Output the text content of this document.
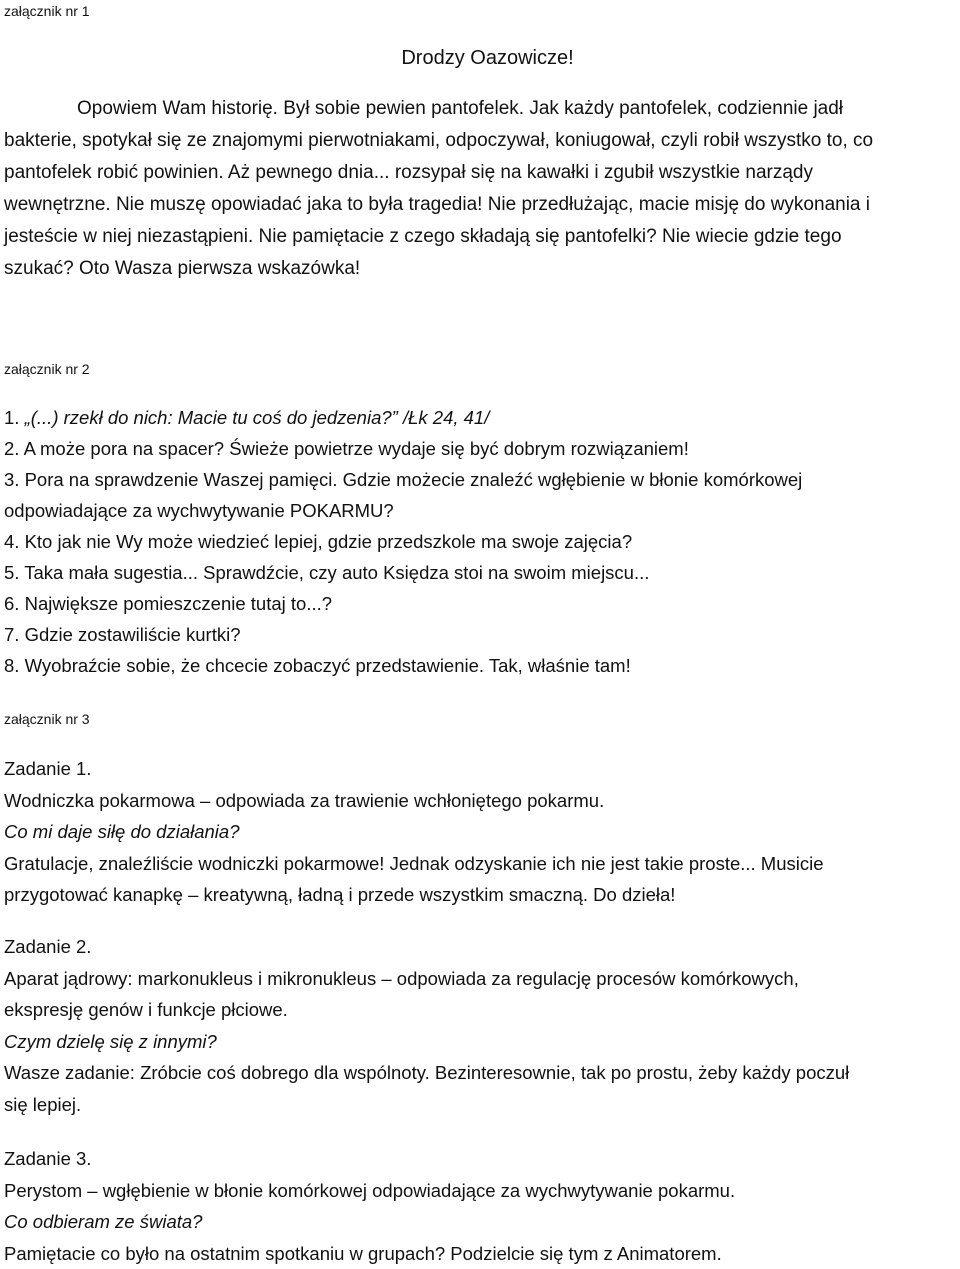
załącznik nr 1
Drodzy Oazowicze!
Opowiem Wam historię. Był sobie pewien pantofelek. Jak każdy pantofelek, codziennie jadł
bakterie, spotykał się ze znajomymi pierwotniakami, odpoczywał, koniugował, czyli robił wszystko to, co
pantofelek robić powinien. Aż pewnego dnia... rozsypał się na kawałki i zgubił wszystkie narządy
wewnętrzne. Nie muszę opowiadać jaka to była tragedia! Nie przedłużając, macie misję do wykonania i
jesteście w niej niezastąpieni. Nie pamiętacie z czego składają się pantofelki? Nie wiecie gdzie tego
szukać? Oto Wasza pierwsza wskazówka!
załącznik nr 2
1. „(...) rzekł do nich: Macie tu coś do jedzenia?” /Łk 24, 41/
2. A może pora na spacer? Świeże powietrze wydaje się być dobrym rozwiązaniem!
3. Pora na sprawdzenie Waszej pamięci. Gdzie możecie znaleźć wgłębienie w błonie komórkowej
odpowiadające za wychwytywanie POKARMU?
4. Kto jak nie Wy może wiedzieć lepiej, gdzie przedszkole ma swoje zajęcia?
5. Taka mała sugestia... Sprawdźcie, czy auto Księdza stoi na swoim miejscu...
6. Największe pomieszczenie tutaj to...?
7. Gdzie zostawiliście kurtki?
8. Wyobraźcie sobie, że chcecie zobaczyć przedstawienie. Tak, właśnie tam!
załącznik nr 3
Zadanie 1.
Wodniczka pokarmowa – odpowiada za trawienie wchłoniętego pokarmu.
Co mi daje siłę do działania?
Gratulacje, znaleźliście wodniczki pokarmowe! Jednak odzyskanie ich nie jest takie proste... Musicie
przygotować kanapkę – kreatywną, ładną i przede wszystkim smaczną. Do dzieła!
Zadanie 2.
Aparat jądrowy: markonukleus i mikronukleus – odpowiada za regulację procesów komórkowych,
ekspresję genów i funkcje płciowe.
Czym dzielę się z innymi?
Wasze zadanie: Zróbcie coś dobrego dla wspólnoty. Bezinteresownie, tak po prostu, żeby każdy poczuł
się lepiej.
Zadanie 3.
Perystom – wgłębienie w błonie komórkowej odpowiadające za wychwytywanie pokarmu.
Co odbieram ze świata?
Pamiętacie co było na ostatnim spotkaniu w grupach? Podzielcie się tym z Animatorem.
